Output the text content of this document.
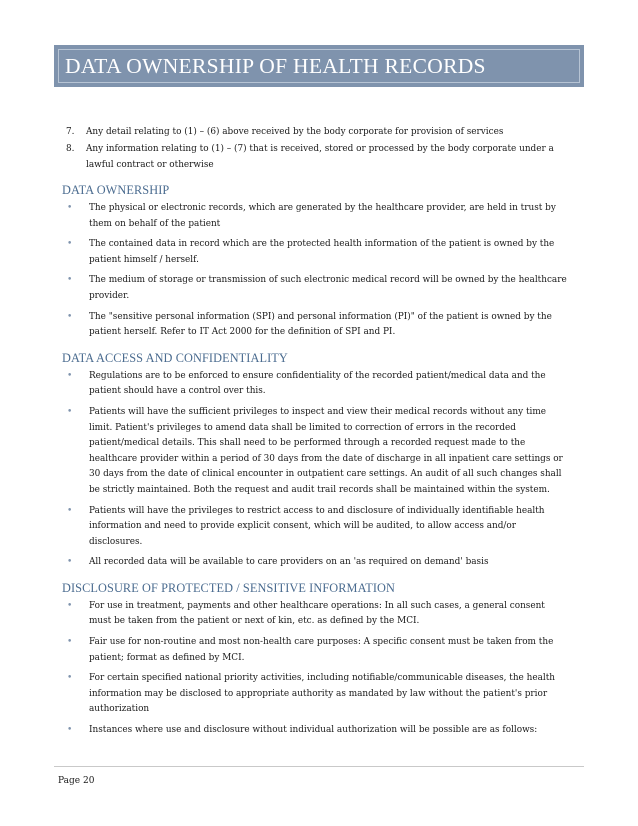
DATA OWNERSHIP OF HEALTH RECORDS
7.	Any detail relating to (1) – (6) above received by the body corporate for provision of services
8.	Any information relating to (1) – (7) that is received, stored or processed by the body corporate under a lawful contract or otherwise
DATA OWNERSHIP
•	The physical or electronic records, which are generated by the healthcare provider, are held in trust by them on behalf of the patient
•	The contained data in record which are the protected health information of the patient is owned by the patient himself / herself.
•	The medium of storage or transmission of such electronic medical record will be owned by the healthcare provider.
•	The "sensitive personal information (SPI) and personal information (PI)" of the patient is owned by the patient herself. Refer to IT Act 2000 for the definition of SPI and PI.
DATA ACCESS AND CONFIDENTIALITY
•	Regulations are to be enforced to ensure confidentiality of the recorded patient/medical data and the patient should have a control over this.
•	Patients will have the sufficient privileges to inspect and view their medical records without any time limit. Patient's privileges to amend data shall be limited to correction of errors in the recorded patient/medical details. This shall need to be performed through a recorded request made to the healthcare provider within a period of 30 days from the date of discharge in all inpatient care settings or 30 days from the date of clinical encounter in outpatient care settings. An audit of all such changes shall be strictly maintained. Both the request and audit trail records shall be maintained within the system.
•	Patients will have the privileges to restrict access to and disclosure of individually identifiable health information and need to provide explicit consent, which will be audited, to allow access and/or disclosures.
•	All recorded data will be available to care providers on an 'as required on demand' basis
DISCLOSURE OF PROTECTED / SENSITIVE INFORMATION
•	For use in treatment, payments and other healthcare operations: In all such cases, a general consent must be taken from the patient or next of kin, etc. as defined by the MCI.
•	Fair use for non-routine and most non-health care purposes: A specific consent must be taken from the patient; format as defined by MCI.
•	For certain specified national priority activities, including notifiable/communicable diseases, the health information may be disclosed to appropriate authority as mandated by law without the patient's prior authorization
•	Instances where use and disclosure without individual authorization will be possible are as follows:
Page 20
